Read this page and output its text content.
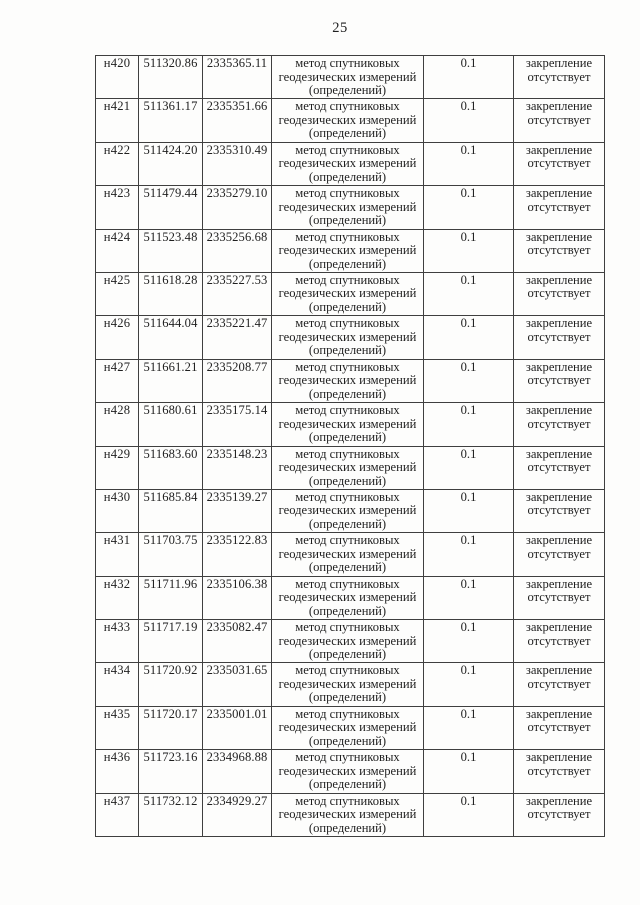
25
н420	511320.86	2335365.11	метод спутниковых
геодезических измерений
(определений)
	0.1	закрепление
отсутствует

н421	511361.17	2335351.66	метод спутниковых
геодезических измерений
(определений)
	0.1	закрепление
отсутствует

н422	511424.20	2335310.49	метод спутниковых
геодезических измерений
(определений)
	0.1	закрепление
отсутствует

н423	511479.44	2335279.10	метод спутниковых
геодезических измерений
(определений)
	0.1	закрепление
отсутствует

н424	511523.48	2335256.68	метод спутниковых
геодезических измерений
(определений)
	0.1	закрепление
отсутствует

н425	511618.28	2335227.53	метод спутниковых
геодезических измерений
(определений)
	0.1	закрепление
отсутствует

н426	511644.04	2335221.47	метод спутниковых
геодезических измерений
(определений)
	0.1	закрепление
отсутствует

н427	511661.21	2335208.77	метод спутниковых
геодезических измерений
(определений)
	0.1	закрепление
отсутствует

н428	511680.61	2335175.14	метод спутниковых
геодезических измерений
(определений)
	0.1	закрепление
отсутствует

н429	511683.60	2335148.23	метод спутниковых
геодезических измерений
(определений)
	0.1	закрепление
отсутствует

н430	511685.84	2335139.27	метод спутниковых
геодезических измерений
(определений)
	0.1	закрепление
отсутствует

н431	511703.75	2335122.83	метод спутниковых
геодезических измерений
(определений)
	0.1	закрепление
отсутствует

н432	511711.96	2335106.38	метод спутниковых
геодезических измерений
(определений)
	0.1	закрепление
отсутствует

н433	511717.19	2335082.47	метод спутниковых
геодезических измерений
(определений)
	0.1	закрепление
отсутствует

н434	511720.92	2335031.65	метод спутниковых
геодезических измерений
(определений)
	0.1	закрепление
отсутствует

н435	511720.17	2335001.01	метод спутниковых
геодезических измерений
(определений)
	0.1	закрепление
отсутствует

н436	511723.16	2334968.88	метод спутниковых
геодезических измерений
(определений)
	0.1	закрепление
отсутствует

н437	511732.12	2334929.27	метод спутниковых
геодезических измерений
(определений)
	0.1	закрепление
отсутствует
